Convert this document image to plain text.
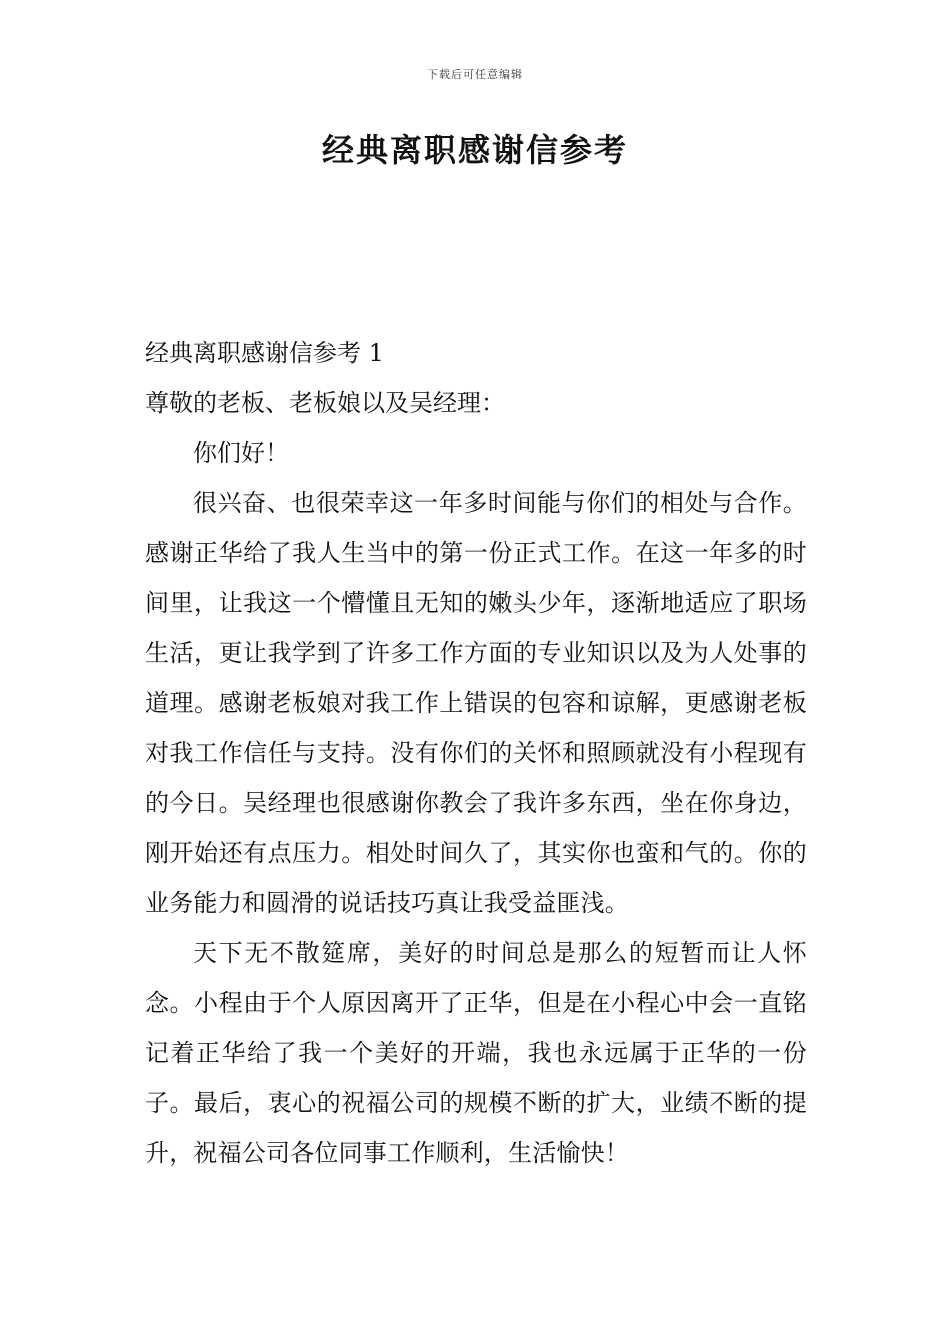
下载后可任意编辑
经典离职感谢信参考

经典离职感谢信参考 1

尊敬的老板、老板娘以及吴经理：

你们好！

很兴奋、也很荣幸这一年多时间能与你们的相处与合作。感谢正华给了我人生当中的第一份正式工作。在这一年多的时间里，让我这一个懵懂且无知的嫩头少年，逐渐地适应了职场生活，更让我学到了许多工作方面的专业知识以及为人处事的道理。感谢老板娘对我工作上错误的包容和谅解，更感谢老板对我工作信任与支持。没有你们的关怀和照顾就没有小程现有的今日。吴经理也很感谢你教会了我许多东西，坐在你身边，刚开始还有点压力。相处时间久了，其实你也蛮和气的。你的业务能力和圆滑的说话技巧真让我受益匪浅。

天下无不散筵席，美好的时间总是那么的短暂而让人怀念。小程由于个人原因离开了正华，但是在小程心中会一直铭记着正华给了我一个美好的开端，我也永远属于正华的一份子。最后，衷心的祝福公司的规模不断的扩大，业绩不断的提升，祝福公司各位同事工作顺利，生活愉快！
